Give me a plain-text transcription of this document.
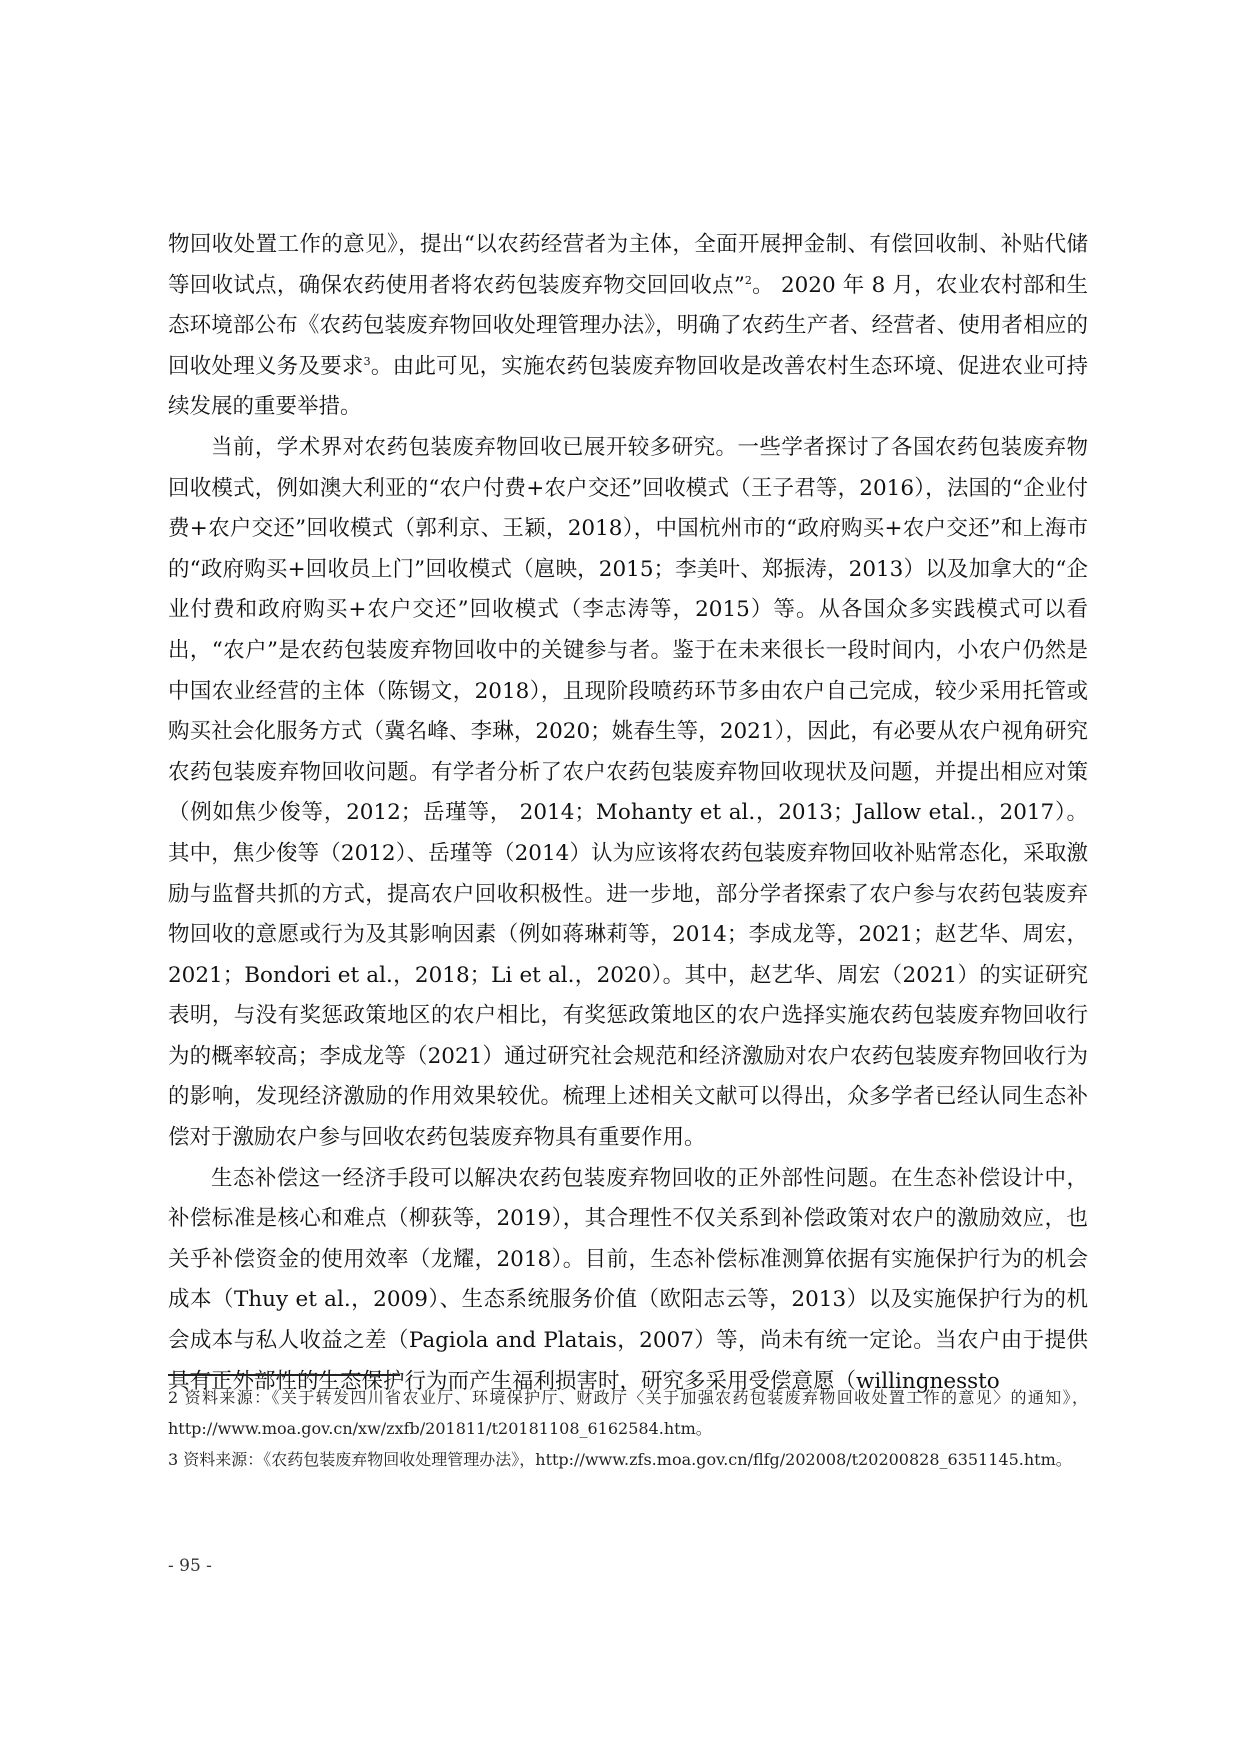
物回收处置工作的意见》，提出“以农药经营者为主体，全面开展押金制、有偿回收制、补贴代储等回收试点，确保农药使用者将农药包装废弃物交回回收点”$^2$。 2020 年 8 月，农业农村部和生态环境部公布《农药包装废弃物回收处理管理办法》，明确了农药生产者、经营者、使用者相应的回收处理义务及要求$^3$。由此可见，实施农药包装废弃物回收是改善农村生态环境、促进农业可持续发展的重要举措。

当前，学术界对农药包装废弃物回收已展开较多研究。一些学者探讨了各国农药包装废弃物回收模式，例如澳大利亚的“农户付费+农户交还”回收模式（王子君等，2016），法国的“企业付费+农户交还”回收模式（郭利京、王颖，2018），中国杭州市的“政府购买+农户交还”和上海市的“政府购买+回收员上门”回收模式（扈映，2015；李美叶、郑振涛，2013）以及加拿大的“企业付费和政府购买+农户交还”回收模式（李志涛等，2015）等。从各国众多实践模式可以看出，“农户”是农药包装废弃物回收中的关键参与者。鉴于在未来很长一段时间内，小农户仍然是中国农业经营的主体（陈锡文，2018），且现阶段喷药环节多由农户自己完成，较少采用托管或购买社会化服务方式（冀名峰、李琳，2020；姚春生等，2021），因此，有必要从农户视角研究农药包装废弃物回收问题。有学者分析了农户农药包装废弃物回收现状及问题，并提出相应对策（例如焦少俊等，2012；岳瑾等， 2014；Mohanty et al.，2013；Jallow etal.，2017）。其中，焦少俊等（2012）、岳瑾等（2014）认为应该将农药包装废弃物回收补贴常态化，采取激励与监督共抓的方式，提高农户回收积极性。进一步地，部分学者探索了农户参与农药包装废弃物回收的意愿或行为及其影响因素（例如蒋琳莉等，2014；李成龙等，2021；赵艺华、周宏，2021；Bondori et al.，2018；Li et al.，2020）。其中，赵艺华、周宏（2021）的实证研究表明，与没有奖惩政策地区的农户相比，有奖惩政策地区的农户选择实施农药包装废弃物回收行为的概率较高；李成龙等（2021）通过研究社会规范和经济激励对农户农药包装废弃物回收行为的影响，发现经济激励的作用效果较优。梳理上述相关文献可以得出，众多学者已经认同生态补偿对于激励农户参与回收农药包装废弃物具有重要作用。

生态补偿这一经济手段可以解决农药包装废弃物回收的正外部性问题。在生态补偿设计中，补偿标准是核心和难点（柳荻等，2019），其合理性不仅关系到补偿政策对农户的激励效应，也关乎补偿资金的使用效率（龙耀，2018）。目前，生态补偿标准测算依据有实施保护行为的机会成本（Thuy et al.，2009）、生态系统服务价值（欧阳志云等，2013）以及实施保护行为的机会成本与私人收益之差（Pagiola and Platais，2007）等，尚未有统一定论。当农户由于提供具有正外部性的生态保护行为而产生福利损害时，研究多采用受偿意愿（willingnessto

2 资料来源：《关于转发四川省农业厅、环境保护厅、财政厅〈关于加强农药包装废弃物回收处置工作的意见〉的通知》， http://www.moa.gov.cn/xw/zxfb/201811/t20181108_6162584.htm。

3 资料来源：《农药包装废弃物回收处理管理办法》，http://www.zfs.moa.gov.cn/flfg/202008/t20200828_6351145.htm。

- 95 -
